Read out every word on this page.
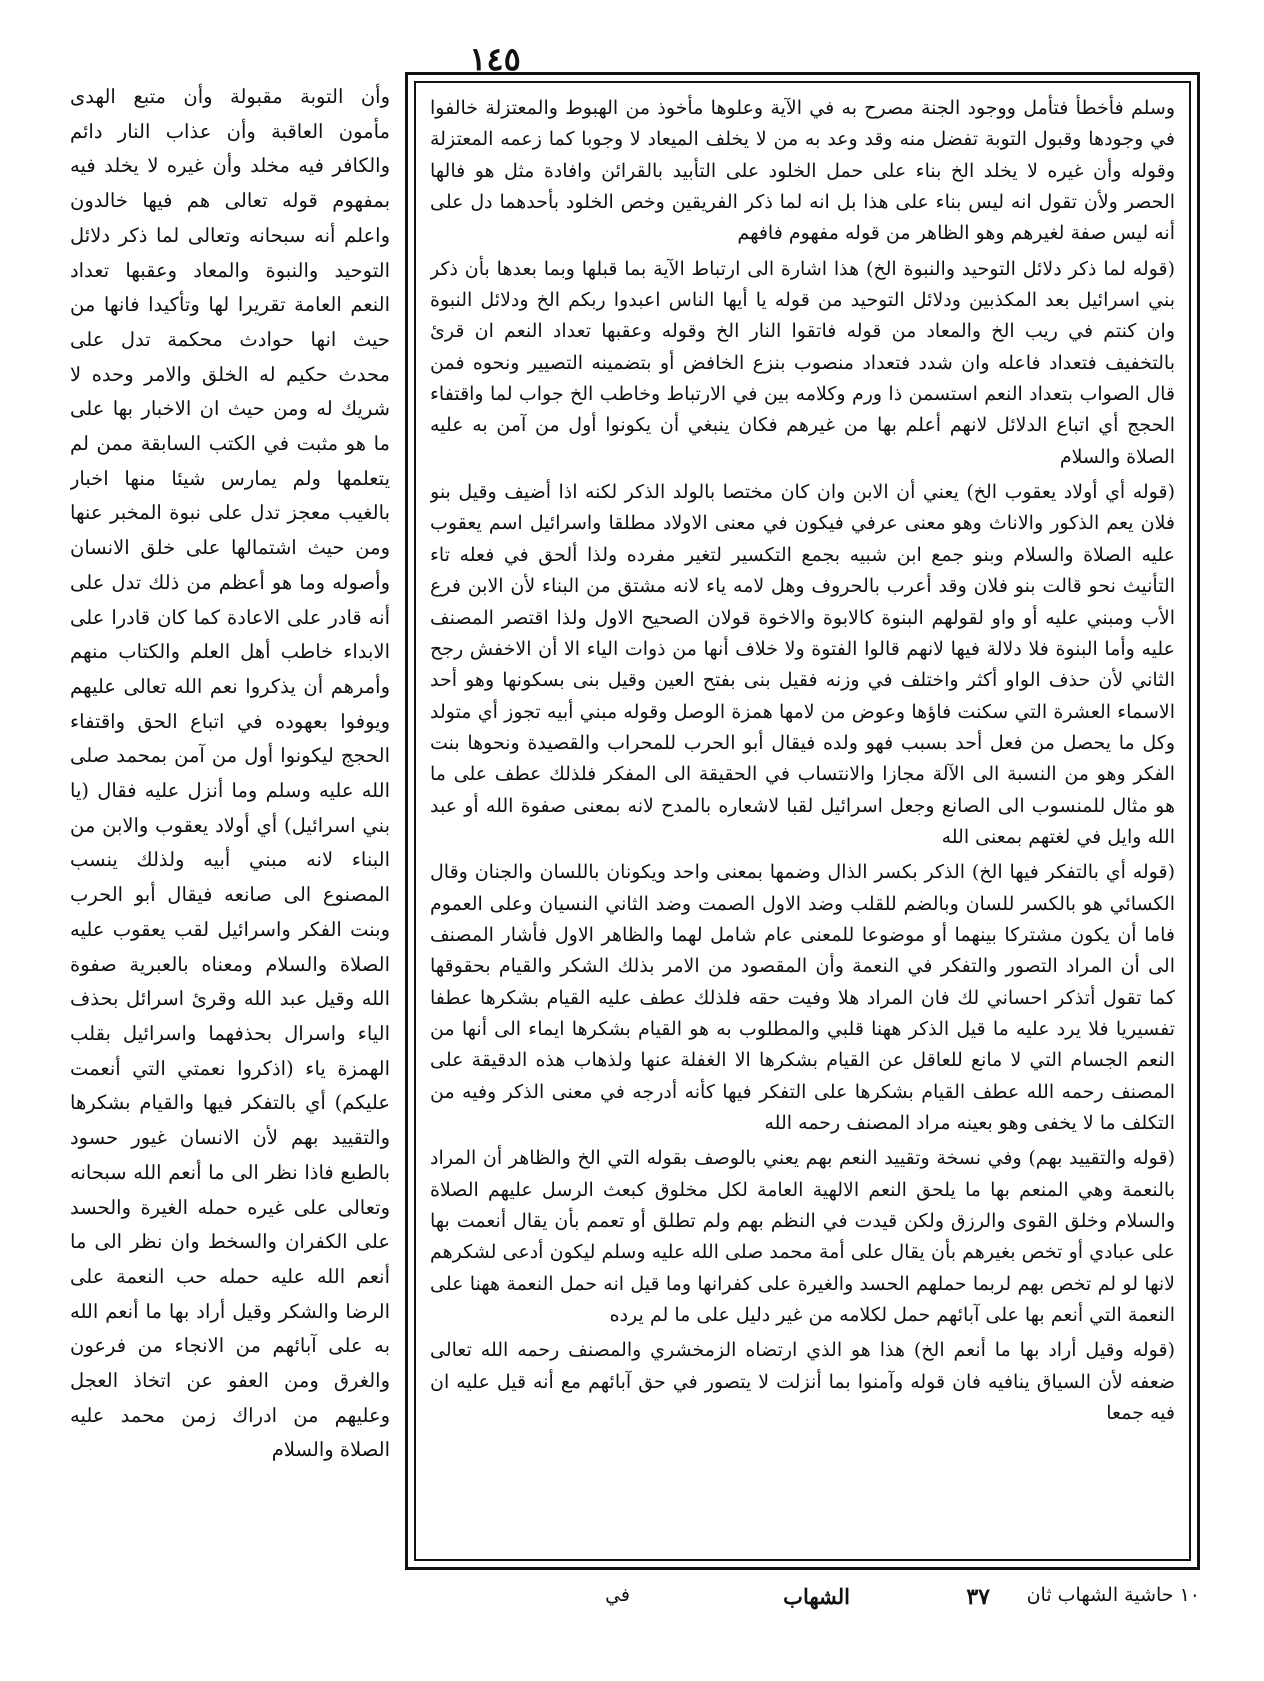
١٤٥

وسلم فأخطأ فتأمل ووجود الجنة مصرح به في الآية وعلوها مأخوذ من الهبوط والمعتزلة خالفوا في وجودها وقبول التوبة تفضل منه وقد وعد به من لا يخلف الميعاد لا وجوبا كما زعمه المعتزلة وقوله وأن غيره لا يخلد الخ بناء على حمل الخلود على التأبيد بالقرائن وافادة مثل هو فالها الحصر ولأن تقول انه ليس بناء على هذا بل انه لما ذكر الفريقين وخص الخلود بأحدهما دل على أنه ليس صفة لغيرهم وهو الظاهر من قوله مفهوم فافهم

(قوله لما ذكر دلائل التوحيد والنبوة الخ) هذا اشارة الى ارتباط الآية بما قبلها وبما بعدها بأن ذكر بني اسرائيل بعد المكذبين ودلائل التوحيد من قوله يا أيها الناس اعبدوا ربكم الخ ودلائل النبوة وان كنتم في ريب الخ والمعاد من قوله فاتقوا النار الخ وقوله وعقبها تعداد النعم ان قرئ بالتخفيف فتعداد فاعله وان شدد فتعداد منصوب بنزع الخافض أو بتضمينه التصيير ونحوه فمن قال الصواب بتعداد النعم استسمن ذا ورم وكلامه بين في الارتباط وخاطب الخ جواب لما واقتفاء الحجج أي اتباع الدلائل لانهم أعلم بها من غيرهم فكان ينبغي أن يكونوا أول من آمن به عليه الصلاة والسلام

(قوله أي أولاد يعقوب الخ) يعني أن الابن وان كان مختصا بالولد الذكر لكنه اذا أضيف وقيل بنو فلان يعم الذكور والاناث وهو معنى عرفي فيكون في معنى الاولاد مطلقا واسرائيل اسم يعقوب عليه الصلاة والسلام وبنو جمع ابن شبيه بجمع التكسير لتغير مفرده ولذا ألحق في فعله تاء التأنيث نحو قالت بنو فلان وقد أعرب بالحروف وهل لامه ياء لانه مشتق من البناء لأن الابن فرع الأب ومبني عليه أو واو لقولهم البنوة كالابوة والاخوة قولان الصحيح الاول ولذا اقتصر المصنف عليه وأما البنوة فلا دلالة فيها لانهم قالوا الفتوة ولا خلاف أنها من ذوات الياء الا أن الاخفش رجح الثاني لأن حذف الواو أكثر واختلف في وزنه فقيل بنى بفتح العين وقيل بنى بسكونها وهو أحد الاسماء العشرة التي سكنت فاؤها وعوض من لامها همزة الوصل وقوله مبني أبيه تجوز أي متولد وكل ما يحصل من فعل أحد بسبب فهو ولده فيقال أبو الحرب للمحراب والقصيدة ونحوها بنت الفكر وهو من النسبة الى الآلة مجازا والانتساب في الحقيقة الى المفكر فلذلك عطف على ما هو مثال للمنسوب الى الصانع وجعل اسرائيل لقبا لاشعاره بالمدح لانه بمعنى صفوة الله أو عبد الله وايل في لغتهم بمعنى الله

(قوله أي بالتفكر فيها الخ) الذكر بكسر الذال وضمها بمعنى واحد ويكونان باللسان والجنان وقال الكسائي هو بالكسر للسان وبالضم للقلب وضد الاول الصمت وضد الثاني النسيان وعلى العموم فاما أن يكون مشتركا بينهما أو موضوعا للمعنى عام شامل لهما والظاهر الاول فأشار المصنف الى أن المراد التصور والتفكر في النعمة وأن المقصود من الامر بذلك الشكر والقيام بحقوقها كما تقول أتذكر احساني لك فان المراد هلا وفيت حقه فلذلك عطف عليه القيام بشكرها عطفا تفسيريا فلا يرد عليه ما قيل الذكر ههنا قلبي والمطلوب به هو القيام بشكرها ايماء الى أنها من النعم الجسام التي لا مانع للعاقل عن القيام بشكرها الا الغفلة عنها ولذهاب هذه الدقيقة على المصنف رحمه الله عطف القيام بشكرها على التفكر فيها كأنه أدرجه في معنى الذكر وفيه من التكلف ما لا يخفى وهو بعينه مراد المصنف رحمه الله

(قوله والتقييد بهم) وفي نسخة وتقييد النعم بهم يعني بالوصف بقوله التي الخ والظاهر أن المراد بالنعمة وهي المنعم بها ما يلحق النعم الالهية العامة لكل مخلوق كبعث الرسل عليهم الصلاة والسلام وخلق القوى والرزق ولكن قيدت في النظم بهم ولم تطلق أو تعمم بأن يقال أنعمت بها على عبادي أو تخص بغيرهم بأن يقال على أمة محمد صلى الله عليه وسلم ليكون أدعى لشكرهم لانها لو لم تخص بهم لربما حملهم الحسد والغيرة على كفرانها وما قيل انه حمل النعمة ههنا على النعمة التي أنعم بها على آبائهم حمل لكلامه من غير دليل على ما لم يرده

(قوله وقيل أراد بها ما أنعم الخ) هذا هو الذي ارتضاه الزمخشري والمصنف رحمه الله تعالى ضعفه لأن السياق ينافيه فان قوله وآمنوا بما أنزلت لا يتصور في حق آبائهم مع أنه قيل عليه ان فيه جمعا

وأن التوبة مقبولة وأن متبع الهدى مأمون العاقبة وأن عذاب النار دائم والكافر فيه مخلد وأن غيره لا يخلد فيه بمفهوم قوله تعالى هم فيها خالدون واعلم أنه سبحانه وتعالى لما ذكر دلائل التوحيد والنبوة والمعاد وعقبها تعداد النعم العامة تقريرا لها وتأكيدا فانها من حيث انها حوادث محكمة تدل على محدث حكيم له الخلق والامر وحده لا شريك له ومن حيث ان الاخبار بها على ما هو مثبت في الكتب السابقة ممن لم يتعلمها ولم يمارس شيئا منها اخبار بالغيب معجز تدل على نبوة المخبر عنها ومن حيث اشتمالها على خلق الانسان وأصوله وما هو أعظم من ذلك تدل على أنه قادر على الاعادة كما كان قادرا على الابداء خاطب أهل العلم والكتاب منهم وأمرهم أن يذكروا نعم الله تعالى عليهم ويوفوا بعهوده في اتباع الحق واقتفاء الحجج ليكونوا أول من آمن بمحمد صلى الله عليه وسلم وما أنزل عليه فقال (يا بني اسرائيل) أي أولاد يعقوب والابن من البناء لانه مبني أبيه ولذلك ينسب المصنوع الى صانعه فيقال أبو الحرب وبنت الفكر واسرائيل لقب يعقوب عليه الصلاة والسلام ومعناه بالعبرية صفوة الله وقيل عبد الله وقرئ اسرائل بحذف الياء واسرال بحذفهما واسرائيل بقلب الهمزة ياء (اذكروا نعمتي التي أنعمت عليكم) أي بالتفكر فيها والقيام بشكرها والتقييد بهم لأن الانسان غيور حسود بالطبع فاذا نظر الى ما أنعم الله سبحانه وتعالى على غيره حمله الغيرة والحسد على الكفران والسخط وان نظر الى ما أنعم الله عليه حمله حب النعمة على الرضا والشكر وقيل أراد بها ما أنعم الله به على آبائهم من الانجاء من فرعون والغرق ومن العفو عن اتخاذ العجل وعليهم من ادراك زمن محمد عليه الصلاة والسلام

١٠ حاشية الشهاب ثان
٣٧
الشهاب
في
